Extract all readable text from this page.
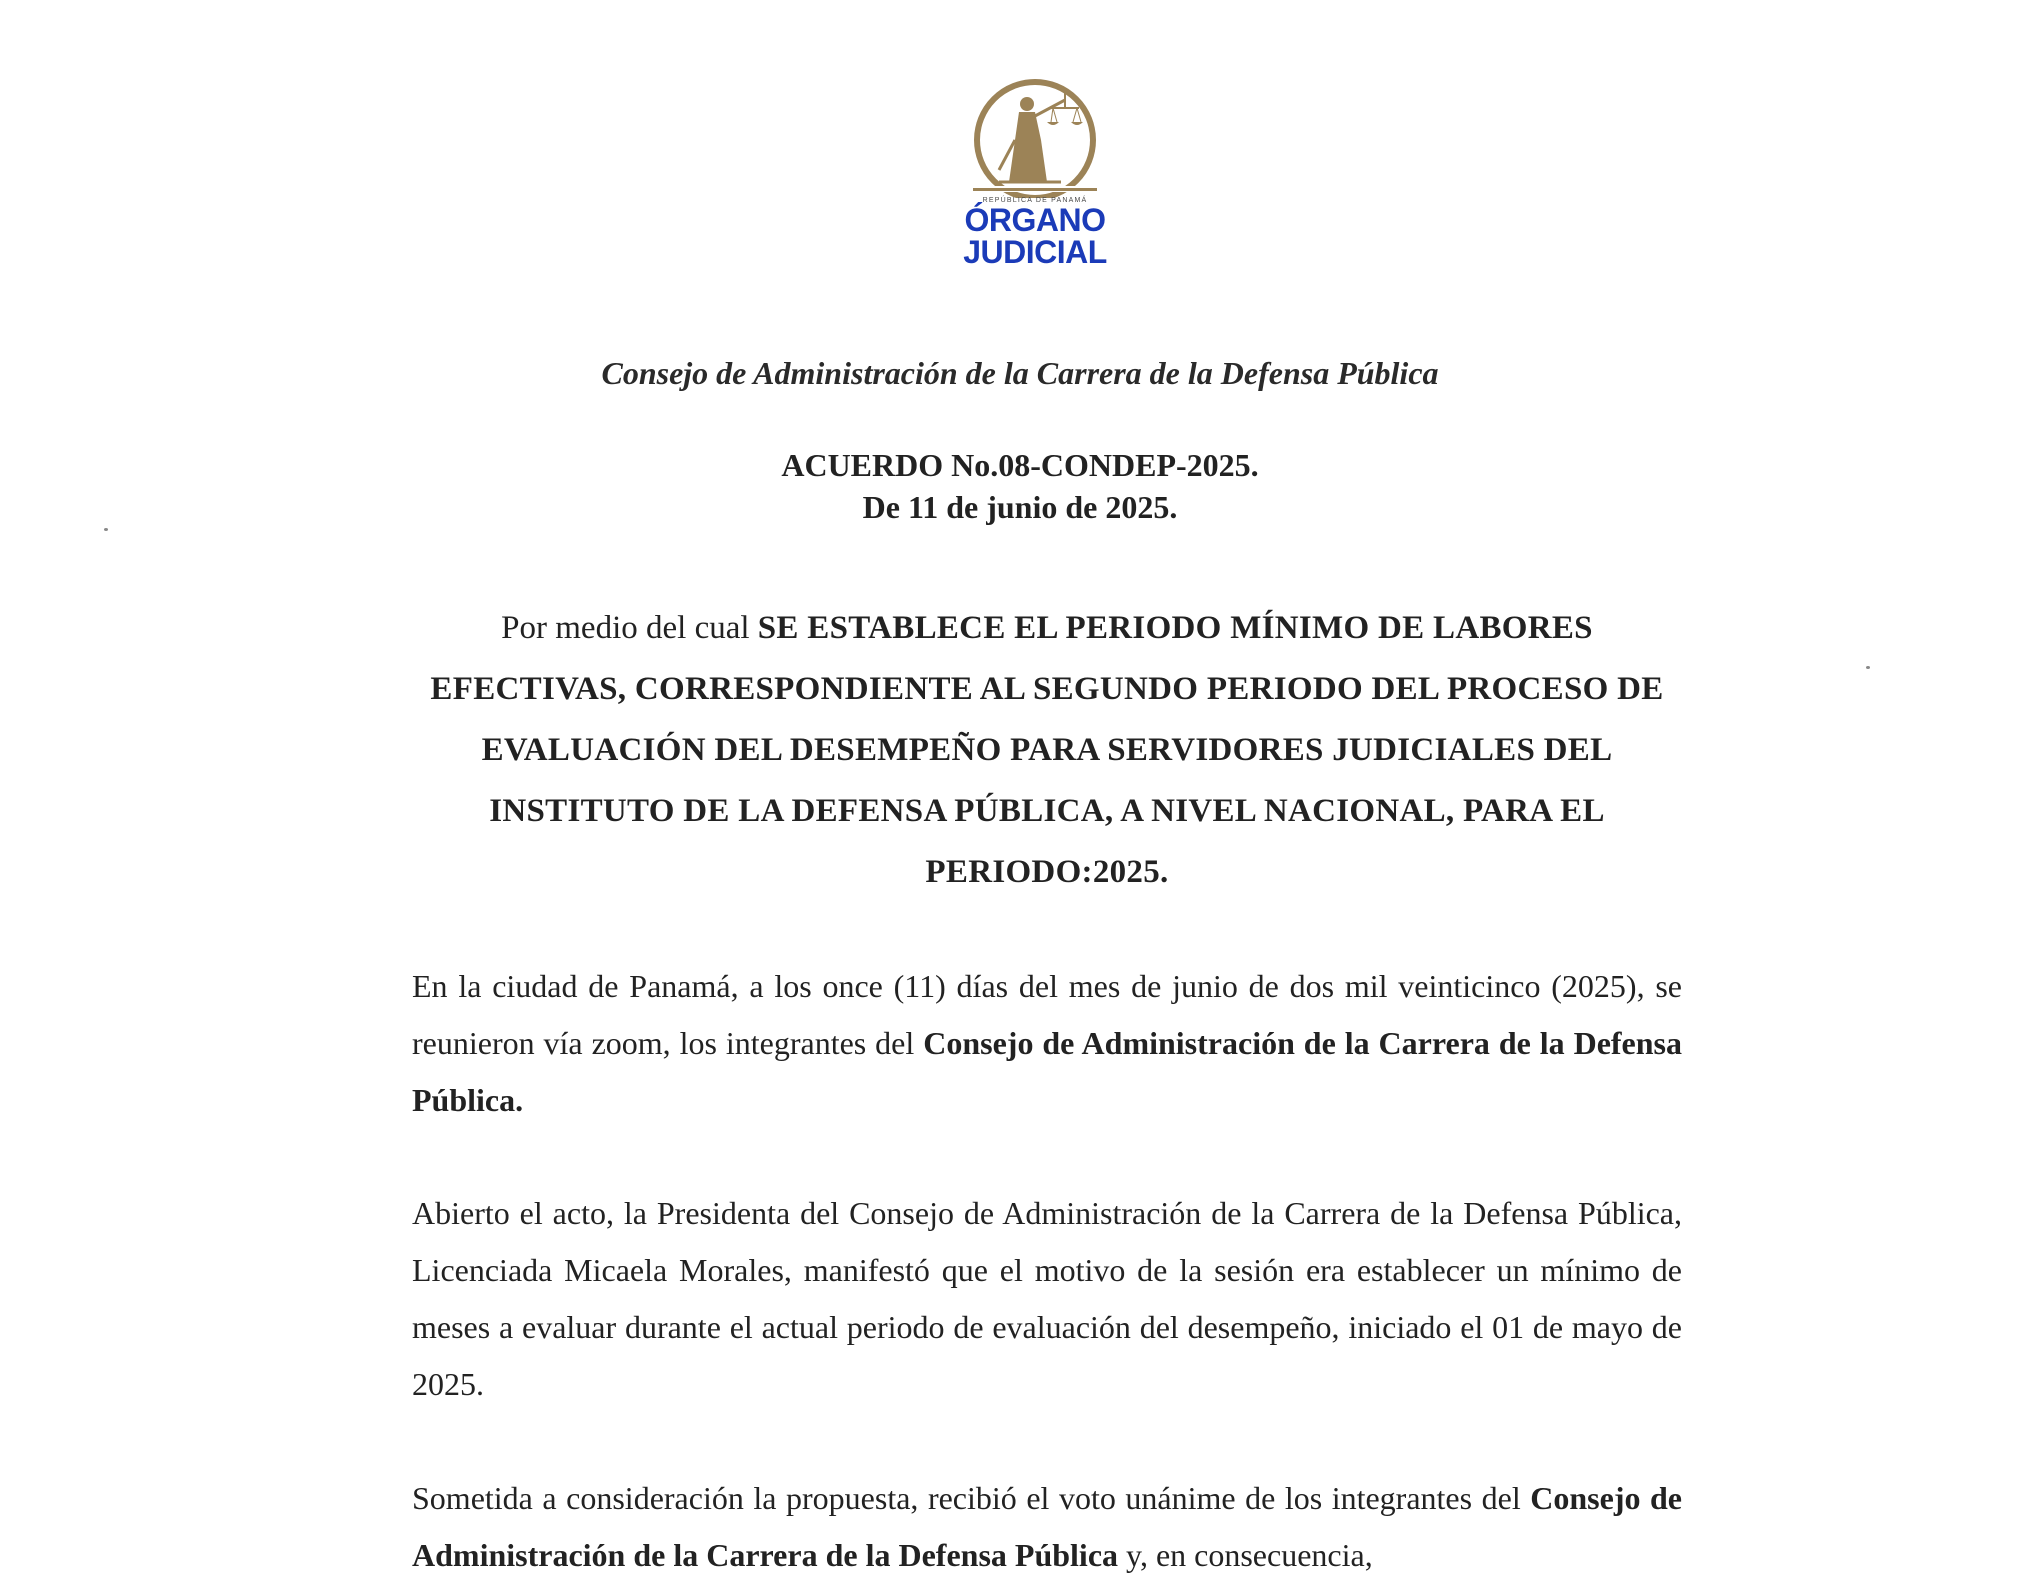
REPÚBLICA DE PANAMÁ
ÓRGANO
JUDICIAL
Consejo de Administración de la Carrera de la Defensa Pública
ACUERDO No.08-CONDEP-2025.
De 11 de junio de 2025.
Por medio del cual SE ESTABLECE EL PERIODO MÍNIMO DE LABORES EFECTIVAS, CORRESPONDIENTE AL SEGUNDO PERIODO DEL PROCESO DE EVALUACIÓN DEL DESEMPEÑO PARA SERVIDORES JUDICIALES DEL INSTITUTO DE LA DEFENSA PÚBLICA, A NIVEL NACIONAL, PARA EL PERIODO:2025.
En la ciudad de Panamá, a los once (11) días del mes de junio de dos mil veinticinco (2025), se reunieron vía zoom, los integrantes del Consejo de Administración de la Carrera de la Defensa Pública.
Abierto el acto, la Presidenta del Consejo de Administración de la Carrera de la Defensa Pública, Licenciada Micaela Morales, manifestó que el motivo de la sesión era establecer un mínimo de meses a evaluar durante el actual periodo de evaluación del desempeño, iniciado el 01 de mayo de 2025.
Sometida a consideración la propuesta, recibió el voto unánime de los integrantes del Consejo de Administración de la Carrera de la Defensa Pública y, en consecuencia,
